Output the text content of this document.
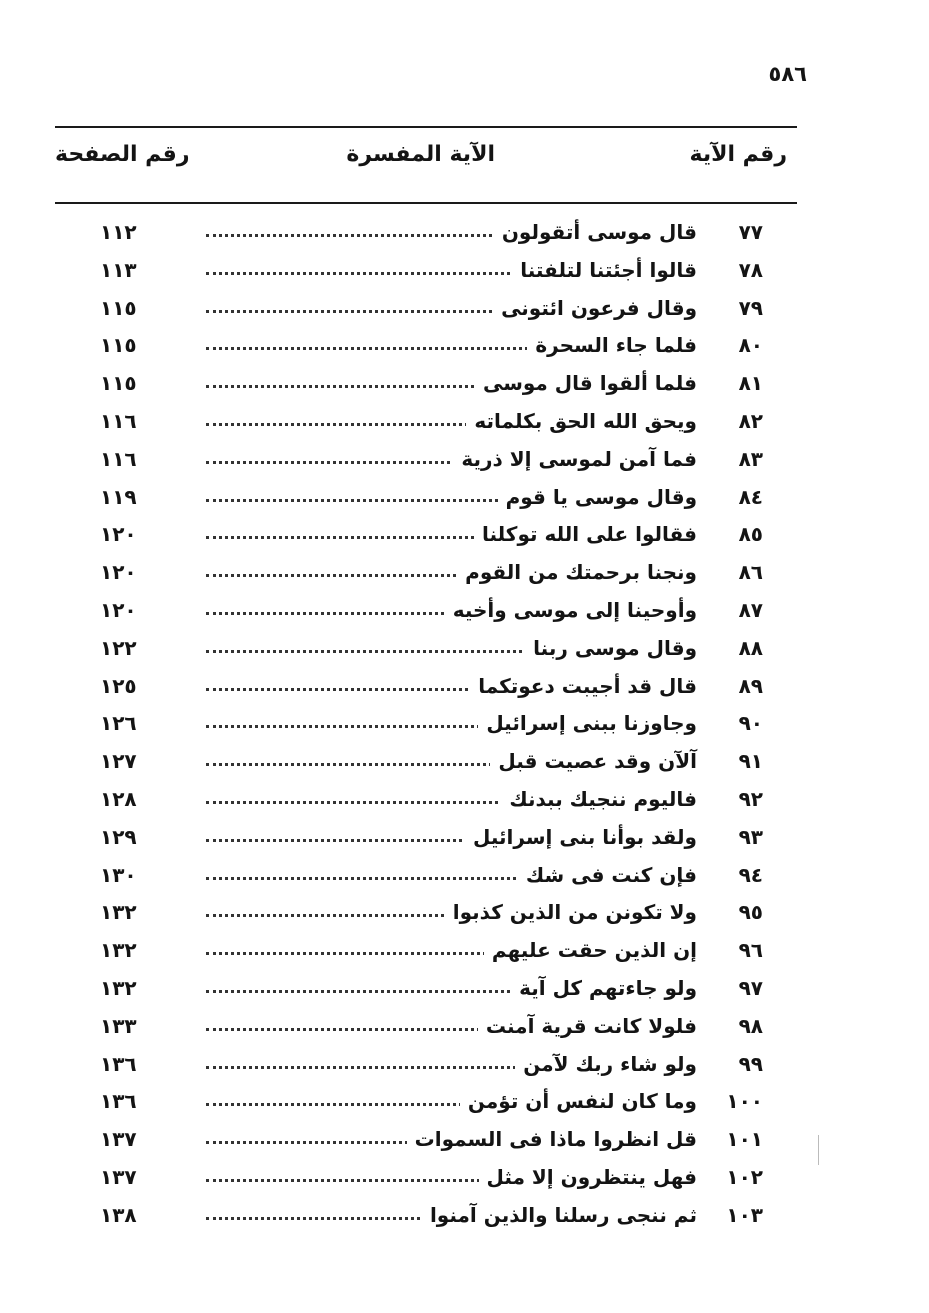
٥٨٦

رقم الآية
الآية المفسرة
رقم الصفحة
٧٧
قال موسى أتقولون
١١٢
٧٨
قالوا أجئتنا لتلفتنا
١١٣
٧٩
وقال فرعون ائتونى
١١٥
٨٠
فلما جاء السحرة
١١٥
٨١
فلما ألقوا قال موسى
١١٥
٨٢
ويحق الله الحق بكلماته
١١٦
٨٣
فما آمن لموسى إلا ذرية
١١٦
٨٤
وقال موسى يا قوم
١١٩
٨٥
فقالوا على الله توكلنا
١٢٠
٨٦
ونجنا برحمتك من القوم
١٢٠
٨٧
وأوحينا إلى موسى وأخيه
١٢٠
٨٨
وقال موسى ربنا
١٢٢
٨٩
قال قد أجيبت دعوتكما
١٢٥
٩٠
وجاوزنا ببنى إسرائيل
١٢٦
٩١
آلآن وقد عصيت قبل
١٢٧
٩٢
فاليوم ننجيك ببدنك
١٢٨
٩٣
ولقد بوأنا بنى إسرائيل
١٢٩
٩٤
فإن كنت فى شك
١٣٠
٩٥
ولا تكونن من الذين كذبوا
١٣٢
٩٦
إن الذين حقت عليهم
١٣٢
٩٧
ولو جاءتهم كل آية
١٣٢
٩٨
فلولا كانت قرية آمنت
١٣٣
٩٩
ولو شاء ربك لآمن
١٣٦
١٠٠
وما كان لنفس أن تؤمن
١٣٦
١٠١
قل انظروا ماذا فى السموات
١٣٧
١٠٢
فهل ينتظرون إلا مثل
١٣٧
١٠٣
ثم ننجى رسلنا والذين آمنوا
١٣٨
